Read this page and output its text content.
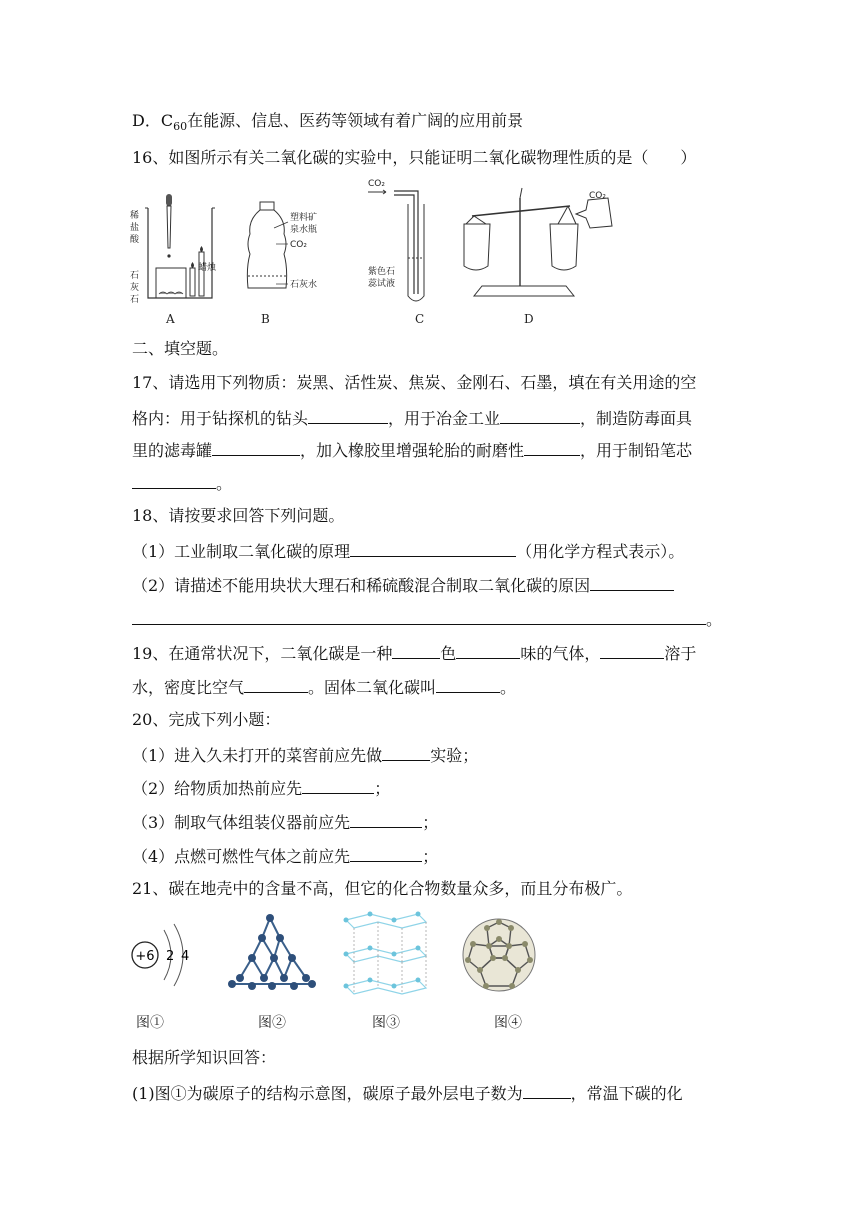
D．$C_{60}$在能源、信息、医药等领域有着广阔的应用前景
16、如图所示有关二氧化碳的实验中，只能证明二氧化碳物理性质的是（　　）
稀
盐
酸
蜡烛
石
灰
石
A
塑料矿
泉水瓶
CO₂
石灰水
B
CO₂
紫色石
蕊试液
C
CO₂
D
二、填空题。
17、请选用下列物质：炭黑、活性炭、焦炭、金刚石、石墨，填在有关用途的空
格内：用于钻探机的钻头	，用于冶金工业	，制造防毒面具
里的滤毒罐	，加入橡胶里增强轮胎的耐磨性	，用于制铅笔芯
。
18、请按要求回答下列问题。
（1）工业制取二氧化碳的原理	（用化学方程式表示）。
（2）请描述不能用块状大理石和稀硫酸混合制取二氧化碳的原因
。
19、在通常状况下，二氧化碳是一种	色	味的气体，	溶于
水，密度比空气	。固体二氧化碳叫	。
20、完成下列小题：
（1）进入久未打开的菜窖前应先做	实验；
（2）给物质加热前应先	；
（3）制取气体组装仪器前应先	；
（4）点燃可燃性气体之前应先	；
21、碳在地壳中的含量不高，但它的化合物数量众多，而且分布极广。
+6 2 4
图①	图②	图③	图④
根据所学知识回答：
(1)图①为碳原子的结构示意图，碳原子最外层电子数为	，常温下碳的化
